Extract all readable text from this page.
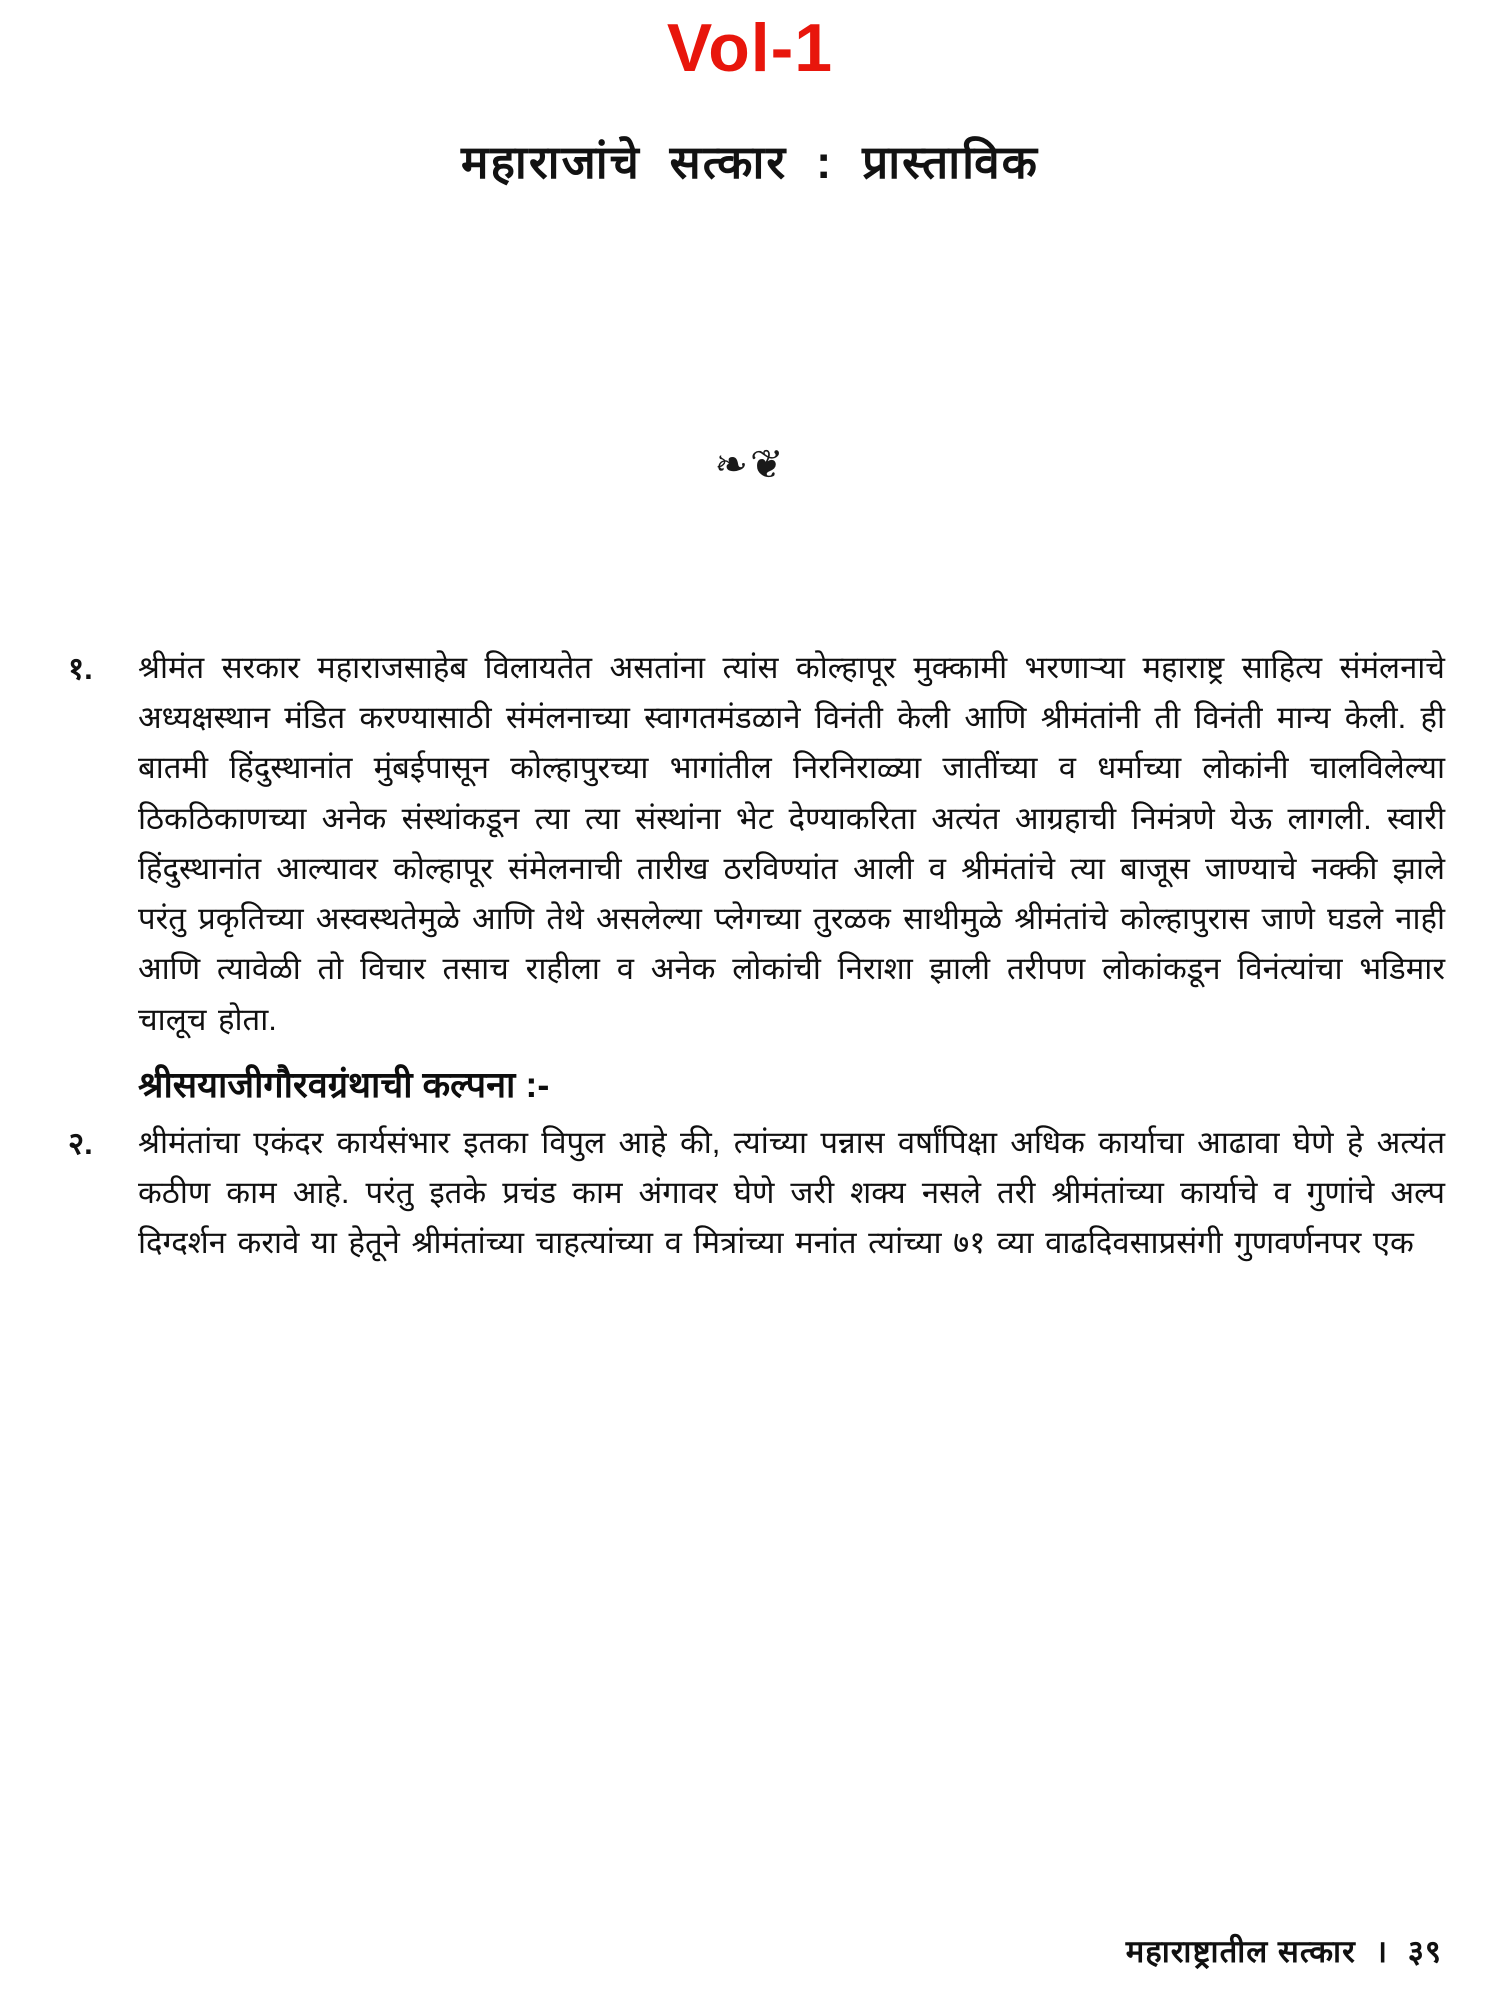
Vol-1
महाराजांचे सत्कार : प्रास्ताविक
❧❦
१.	श्रीमंत सरकार महाराजसाहेब विलायतेत असतांना त्यांस कोल्हापूर मुक्कामी भरणाऱ्या महाराष्ट्र साहित्य संमंलनाचे अध्यक्षस्थान मंडित करण्यासाठी संमंलनाच्या स्वागतमंडळाने विनंती केली आणि श्रीमंतांनी ती विनंती मान्य केली. ही बातमी हिंदुस्थानांत मुंबईपासून कोल्हापुरच्या भागांतील निरनिराळ्या जातींच्या व धर्माच्या लोकांनी चालविलेल्या ठिकठिकाणच्या अनेक संस्थांकडून त्या त्या संस्थांना भेट देण्याकरिता अत्यंत आग्रहाची निमंत्रणे येऊ लागली. स्वारी हिंदुस्थानांत आल्यावर कोल्हापूर संमेलनाची तारीख ठरविण्यांत आली व श्रीमंतांचे त्या बाजूस जाण्याचे नक्की झाले परंतु प्रकृतिच्या अस्वस्थतेमुळे आणि तेथे असलेल्या प्लेगच्या तुरळक साथीमुळे श्रीमंतांचे कोल्हापुरास जाणे घडले नाही आणि त्यावेळी तो विचार तसाच राहीला व अनेक लोकांची निराशा झाली तरीपण लोकांकडून विनंत्यांचा भडिमार चालूच होता.
श्रीसयाजीगौरवग्रंथाची कल्पना :-
२.	श्रीमंतांचा एकंदर कार्यसंभार इतका विपुल आहे की, त्यांच्या पन्नास वर्षांपिक्षा अधिक कार्याचा आढावा घेणे हे अत्यंत कठीण काम आहे. परंतु इतके प्रचंड काम अंगावर घेणे जरी शक्य नसले तरी श्रीमंतांच्या कार्याचे व गुणांचे अल्प दिग्दर्शन करावे या हेतूने श्रीमंतांच्या चाहत्यांच्या व मित्रांच्या मनांत त्यांच्या ७१ व्या वाढदिवसाप्रसंगी गुणवर्णनपर एक
महाराष्ट्रातील सत्कार । ३९
